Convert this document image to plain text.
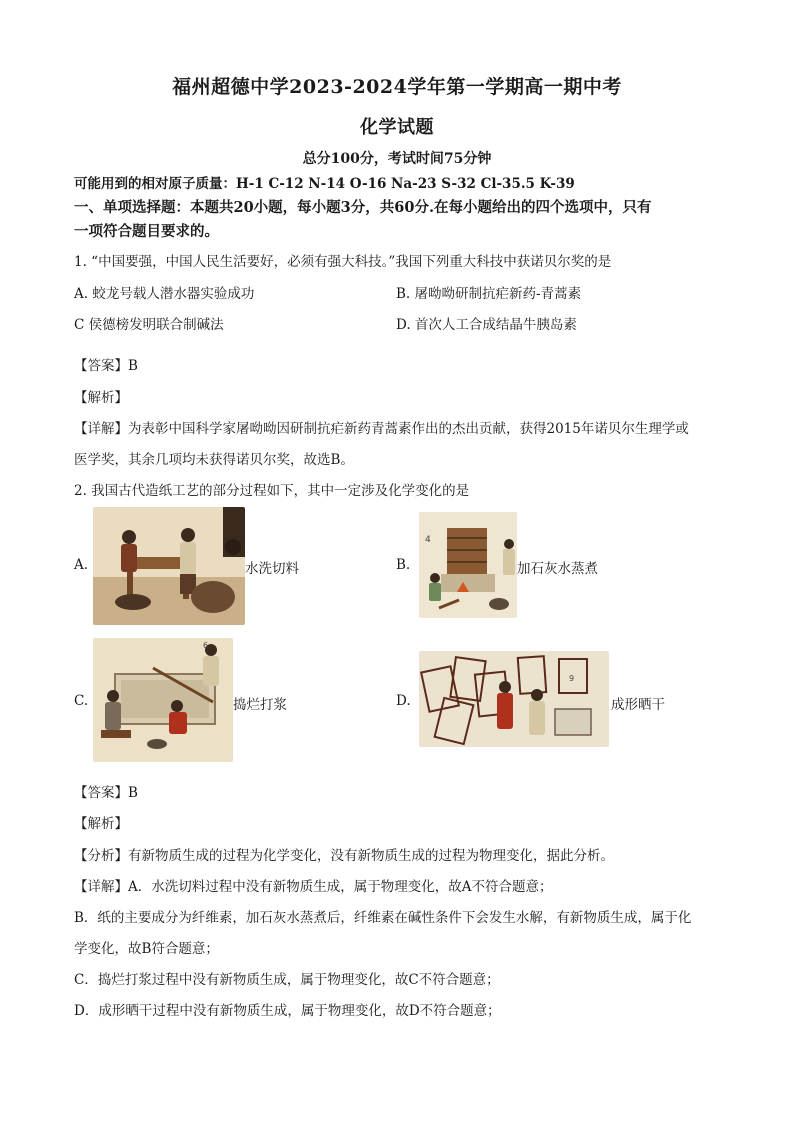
福州超德中学2023-2024学年第一学期高一期中考
化学试题
总分100分，考试时间75分钟
可能用到的相对原子质量：H-1 C-12 N-14 O-16 Na-23 S-32 Cl-35.5 K-39
一、单项选择题：本题共20小题，每小题3分，共60分.在每小题给出的四个选项中，只有
一项符合题目要求的。
1. “中国要强，中国人民生活要好，必须有强大科技。”我国下列重大科技中获诺贝尔奖的是
A. 蛟龙号载人潜水器实验成功	B. 屠呦呦研制抗疟新药-青蒿素
C 侯德榜发明联合制碱法	D. 首次人工合成结晶牛胰岛素
【答案】B
【解析】
【详解】为表彰中国科学家屠呦呦因研制抗疟新药青蒿素作出的杰出贡献，获得2015年诺贝尔生理学或
医学奖，其余几项均未获得诺贝尔奖，故选B。
2. 我国古代造纸工艺的部分过程如下，其中一定涉及化学变化的是
A.	水洗切料	B.
4
加石灰水蒸煮
C.
6
捣烂打浆	D.
9
成形晒干
【答案】B
【解析】
【分析】有新物质生成的过程为化学变化，没有新物质生成的过程为物理变化，据此分析。
【详解】A．水洗切料过程中没有新物质生成，属于物理变化，故A不符合题意；
B．纸的主要成分为纤维素，加石灰水蒸煮后，纤维素在碱性条件下会发生水解，有新物质生成，属于化
学变化，故B符合题意；
C．捣烂打浆过程中没有新物质生成，属于物理变化，故C不符合题意；
D．成形晒干过程中没有新物质生成，属于物理变化，故D不符合题意；
